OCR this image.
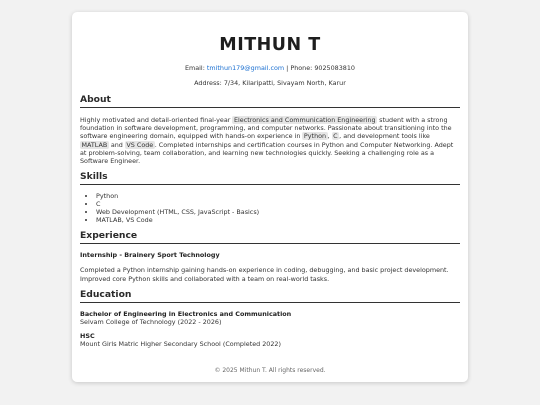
MITHUN T
Email: tmithun179@gmail.com | Phone: 9025083810
Address: 7/34, Kilaripatti, Sivayam North, Karur
About
Highly motivated and detail-oriented final-year Electronics and Communication Engineering student with a strong foundation in software development, programming, and computer networks. Passionate about transitioning into the software engineering domain, equipped with hands-on experience in Python , C , and development tools like MATLAB and VS Code . Completed internships and certification courses in Python and Computer Networking. Adept at problem-solving, team collaboration, and learning new technologies quickly. Seeking a challenging role as a Software Engineer.
Skills
• Python
• C
• Web Development (HTML, CSS, JavaScript - Basics)
• MATLAB, VS Code
Experience
Internship - Brainery Sport Technology
Completed a Python internship gaining hands-on experience in coding, debugging, and basic project development. Improved core Python skills and collaborated with a team on real-world tasks.
Education
Bachelor of Engineering in Electronics and Communication
Selvam College of Technology (2022 - 2026)
HSC
Mount Girls Matric Higher Secondary School (Completed 2022)
© 2025 Mithun T. All rights reserved.
